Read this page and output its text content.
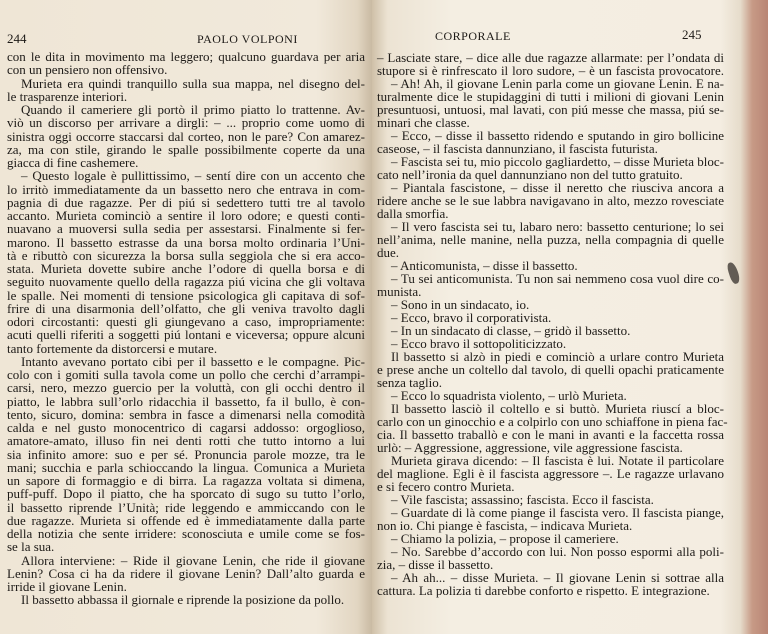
244	PAOLO VOLPONI
con le dita in movimento ma leggero; qualcuno guardava per aria
con un pensiero non offensivo.
Murieta era quindi tranquillo sulla sua mappa, nel disegno del-
le trasparenze interiori.
Quando il cameriere gli portò il primo piatto lo trattenne. Av-
viò un discorso per arrivare a dirgli: – ... proprio come uomo di
sinistra oggi occorre staccarsi dal corteo, non le pare? Con amarez-
za, ma con stile, girando le spalle possibilmente coperte da una
giacca di fine cashemere.
– Questo logale è pullittissimo, – sentí dire con un accento che
lo irritò immediatamente da un bassetto nero che entrava in com-
pagnia di due ragazze. Per di piú si sedettero tutti tre al tavolo
accanto. Murieta cominciò a sentire il loro odore; e questi conti-
nuavano a muoversi sulla sedia per assestarsi. Finalmente si fer-
marono. Il bassetto estrasse da una borsa molto ordinaria l’Uni-
tà e ributtò con sicurezza la borsa sulla seggiola che si era acco-
stata. Murieta dovette subire anche l’odore di quella borsa e di
seguito nuovamente quello della ragazza piú vicina che gli voltava
le spalle. Nei momenti di tensione psicologica gli capitava di sof-
frire di una disarmonia dell’olfatto, che gli veniva travolto dagli
odori circostanti: questi gli giungevano a caso, impropriamente:
acuti quelli riferiti a soggetti piú lontani e viceversa; oppure alcuni
tanto fortemente da distorcersi e mutare.
Intanto avevano portato cibi per il bassetto e le compagne. Pic-
colo con i gomiti sulla tavola come un pollo che cerchi d’arrampi-
carsi, nero, mezzo guercio per la voluttà, con gli occhi dentro il
piatto, le labbra sull’orlo ridacchia il bassetto, fa il bullo, è con-
tento, sicuro, domina: sembra in fasce a dimenarsi nella comodità
calda e nel gusto monocentrico di cagarsi addosso: orgoglioso,
amatore-amato, illuso fin nei denti rotti che tutto intorno a lui
sia infinito amore: suo e per sé. Pronuncia parole mozze, tra le
mani; succhia e parla schioccando la lingua. Comunica a Murieta
un sapore di formaggio e di birra. La ragazza voltata si dimena,
puff-puff. Dopo il piatto, che ha sporcato di sugo su tutto l’orlo,
il bassetto riprende l’Unità; ride leggendo e ammiccando con le
due ragazze. Murieta si offende ed è immediatamente dalla parte
della notizia che sente irridere: sconosciuta e umile come se fos-
se la sua.
Allora interviene: – Ride il giovane Lenin, che ride il giovane
Lenin? Cosa ci ha da ridere il giovane Lenin? Dall’alto guarda e
irride il giovane Lenin.
Il bassetto abbassa il giornale e riprende la posizione da pollo.
CORPORALE	245
– Lasciate stare, – dice alle due ragazze allarmate: per l’ondata di
stupore si è rinfrescato il loro sudore, – è un fascista provocatore.
– Ah! Ah, il giovane Lenin parla come un giovane Lenin. E na-
turalmente dice le stupidaggini di tutti i milioni di giovani Lenin
presuntuosi, untuosi, mal lavati, con piú messe che massa, piú se-
minari che classe.
– Ecco, – disse il bassetto ridendo e sputando in giro bollicine
caseose, – il fascista dannunziano, il fascista futurista.
– Fascista sei tu, mio piccolo gagliardetto, – disse Murieta bloc-
cato nell’ironia da quel dannunziano non del tutto gratuito.
– Piantala fascistone, – disse il neretto che riusciva ancora a
ridere anche se le sue labbra navigavano in alto, mezzo rovesciate
dalla smorfia.
– Il vero fascista sei tu, labaro nero: bassetto centurione; lo sei
nell’anima, nelle manine, nella puzza, nella compagnia di quelle
due.
– Anticomunista, – disse il bassetto.
– Tu sei anticomunista. Tu non sai nemmeno cosa vuol dire co-
munista.
– Sono in un sindacato, io.
– Ecco, bravo il corporativista.
– In un sindacato di classe, – gridò il bassetto.
– Ecco bravo il sottopoliticizzato.
Il bassetto si alzò in piedi e cominciò a urlare contro Murieta
e prese anche un coltello dal tavolo, di quelli opachi praticamente
senza taglio.
– Ecco lo squadrista violento, – urlò Murieta.
Il bassetto lasciò il coltello e si buttò. Murieta riuscí a bloc-
carlo con un ginocchio e a colpirlo con uno schiaffone in piena fac-
cia. Il bassetto traballò e con le mani in avanti e la faccetta rossa
urlò: – Aggressione, aggressione, vile aggressione fascista.
Murieta girava dicendo: – Il fascista è lui. Notate il particolare
del maglione. Egli è il fascista aggressore –. Le ragazze urlavano
e si fecero contro Murieta.
– Vile fascista; assassino; fascista. Ecco il fascista.
– Guardate di là come piange il fascista vero. Il fascista piange,
non io. Chi piange è fascista, – indicava Murieta.
– Chiamo la polizia, – propose il cameriere.
– No. Sarebbe d’accordo con lui. Non posso espormi alla poli-
zia, – disse il bassetto.
– Ah ah... – disse Murieta. – Il giovane Lenin si sottrae alla
cattura. La polizia ti darebbe conforto e rispetto. E integrazione.
